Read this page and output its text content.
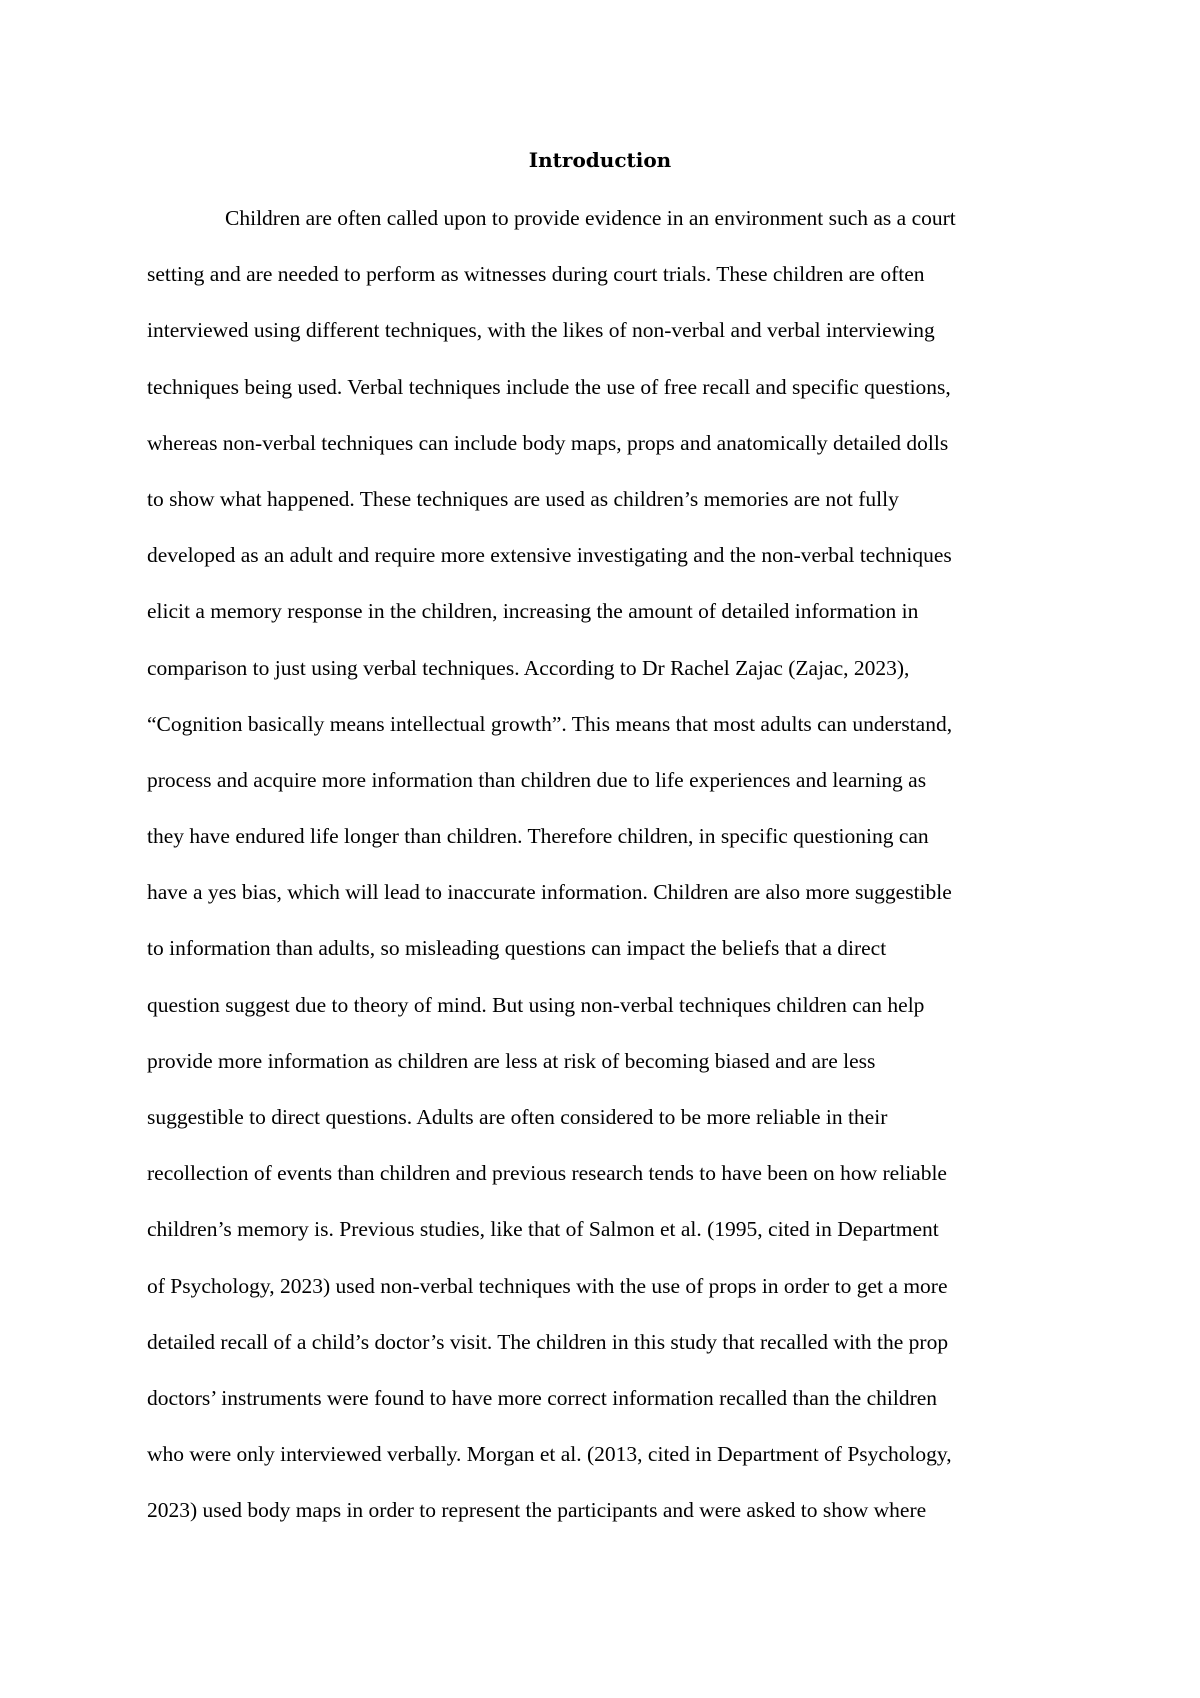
Introduction
Children are often called upon to provide evidence in an environment such as a court
setting and are needed to perform as witnesses during court trials. These children are often
interviewed using different techniques, with the likes of non-verbal and verbal interviewing
techniques being used. Verbal techniques include the use of free recall and specific questions,
whereas non-verbal techniques can include body maps, props and anatomically detailed dolls
to show what happened. These techniques are used as children’s memories are not fully
developed as an adult and require more extensive investigating and the non-verbal techniques
elicit a memory response in the children, increasing the amount of detailed information in
comparison to just using verbal techniques. According to Dr Rachel Zajac (Zajac, 2023),
“Cognition basically means intellectual growth”. This means that most adults can understand,
process and acquire more information than children due to life experiences and learning as
they have endured life longer than children. Therefore children, in specific questioning can
have a yes bias, which will lead to inaccurate information. Children are also more suggestible
to information than adults, so misleading questions can impact the beliefs that a direct
question suggest due to theory of mind. But using non-verbal techniques children can help
provide more information as children are less at risk of becoming biased and are less
suggestible to direct questions. Adults are often considered to be more reliable in their
recollection of events than children and previous research tends to have been on how reliable
children’s memory is. Previous studies, like that of Salmon et al. (1995, cited in Department
of Psychology, 2023) used non-verbal techniques with the use of props in order to get a more
detailed recall of a child’s doctor’s visit. The children in this study that recalled with the prop
doctors’ instruments were found to have more correct information recalled than the children
who were only interviewed verbally. Morgan et al. (2013, cited in Department of Psychology,
2023) used body maps in order to represent the participants and were asked to show where
